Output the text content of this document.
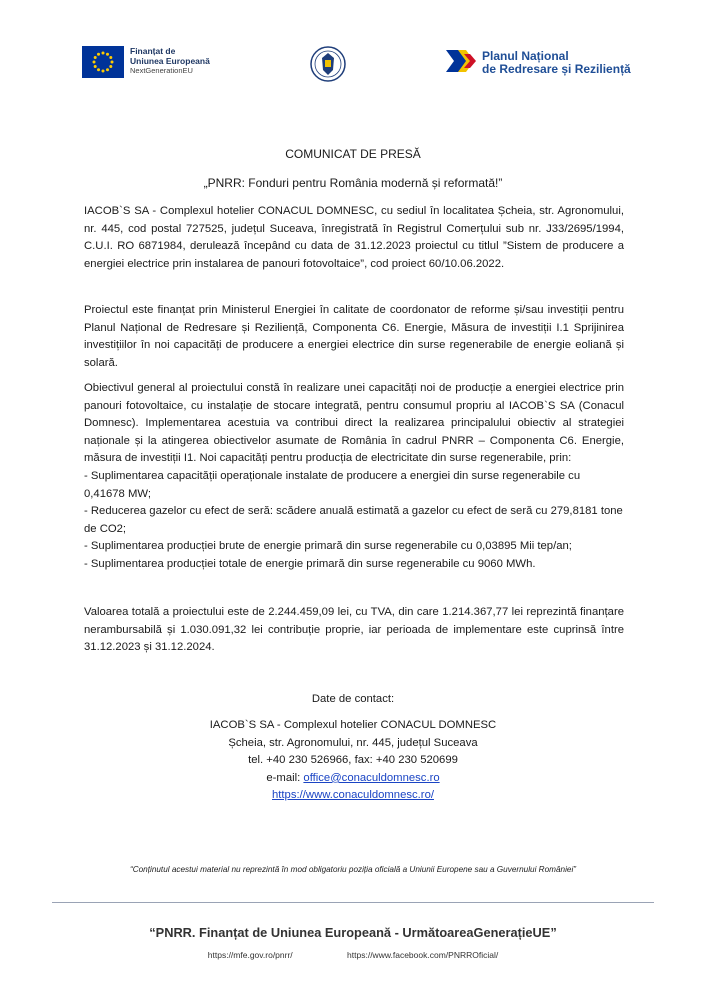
Finanțat de
Uniunea Europeană
NextGenerationEU
Planul Național
de Redresare și Reziliență
COMUNICAT DE PRESĂ
„PNRR: Fonduri pentru România modernă și reformată!”

IACOB`S SA - Complexul hotelier CONACUL DOMNESC, cu sediul în localitatea Șcheia, str. Agronomului, nr. 445, cod postal 727525, județul Suceava, înregistrată în Registrul Comerțului sub nr. J33/2695/1994, C.U.I. RO 6871984, derulează începând cu data de 31.12.2023 proiectul cu titlul ”Sistem de producere a energiei electrice prin instalarea de panouri fotovoltaice”, cod proiect 60/10.06.2022.

Proiectul este finanțat prin Ministerul Energiei în calitate de coordonator de reforme și/sau investiții pentru Planul Național de Redresare și Reziliență, Componenta C6. Energie, Măsura de investiții I.1 Sprijinirea investițiilor în noi capacități de producere a energiei electrice din surse regenerabile de energie eoliană și solară.

Obiectivul general al proiectului constă în realizare unei capacități noi de producție a energiei electrice prin panouri fotovoltaice, cu instalație de stocare integrată, pentru consumul propriu al IACOB`S SA (Conacul Domnesc). Implementarea acestuia va contribui direct la realizarea principalului obiectiv al strategiei naționale și la atingerea obiectivelor asumate de România în cadrul PNRR – Componenta C6. Energie, măsura de investiții I1. Noi capacități pentru producția de electricitate din surse regenerabile, prin:
- Suplimentarea capacității operaționale instalate de producere a energiei din surse regenerabile cu 0,41678 MW;
- Reducerea gazelor cu efect de seră: scădere anuală estimată a gazelor cu efect de seră cu 279,8181 tone de CO2;
- Suplimentarea producției brute de energie primară din surse regenerabile cu 0,03895 Mii tep/an;
- Suplimentarea producției totale de energie primară din surse regenerabile cu 9060 MWh.

Valoarea totală a proiectului este de 2.244.459,09 lei, cu TVA, din care 1.214.367,77 lei reprezintă finanțare nerambursabilă și 1.030.091,32 lei contribuție proprie, iar perioada de implementare este cuprinsă între 31.12.2023 și 31.12.2024.

Date de contact:
IACOB`S SA - Complexul hotelier CONACUL DOMNESC
Șcheia, str. Agronomului, nr. 445, județul Suceava
tel. +40 230 526966, fax: +40 230 520699
e-mail: office@conaculdomnesc.ro
https://www.conaculdomnesc.ro/
“Conținutul acestui material nu reprezintă în mod obligatoriu poziția oficială a Uniunii Europene sau a Guvernului României”
“PNRR. Finanțat de Uniunea Europeană - UrmătoareaGenerațieUE”
https://mfe.gov.ro/pnrr/	https://www.facebook.com/PNRROficial/
